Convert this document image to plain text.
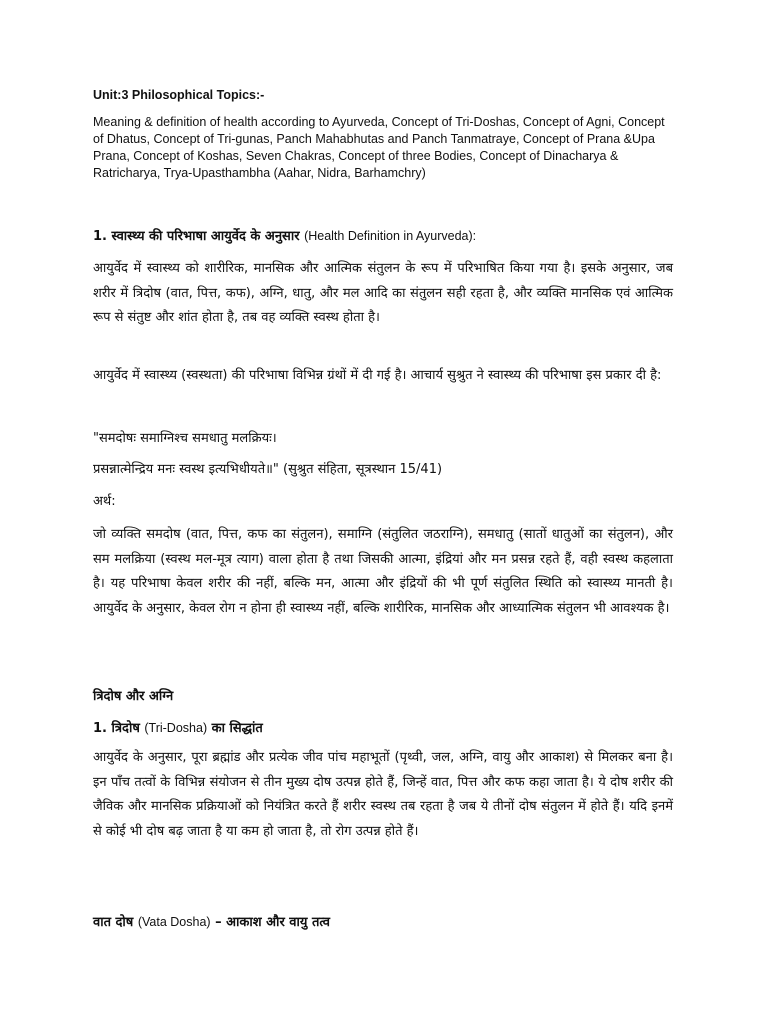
Unit:3 Philosophical Topics:-
Meaning & definition of health according to Ayurveda, Concept of Tri-Doshas, Concept of Agni, Concept of Dhatus, Concept of Tri-gunas, Panch Mahabhutas and Panch Tanmatraye, Concept of Prana &Upa Prana, Concept of Koshas, Seven Chakras, Concept of three Bodies, Concept of Dinacharya & Ratricharya, Trya-Upasthambha (Aahar, Nidra, Barhamchry)
1. स्वास्थ्य की परिभाषा आयुर्वेद के अनुसार (Health Definition in Ayurveda):
आयुर्वेद में स्वास्थ्य को शारीरिक, मानसिक और आत्मिक संतुलन के रूप में परिभाषित किया गया है। इसके अनुसार, जब शरीर में त्रिदोष (वात, पित्त, कफ), अग्नि, धातु, और मल आदि का संतुलन सही रहता है, और व्यक्ति मानसिक एवं आत्मिक रूप से संतुष्ट और शांत होता है, तब वह व्यक्ति स्वस्थ होता है।
आयुर्वेद में स्वास्थ्य (स्वस्थता) की परिभाषा विभिन्न ग्रंथों में दी गई है। आचार्य सुश्रुत ने स्वास्थ्य की परिभाषा इस प्रकार दी है:
"समदोषः समाग्निश्च समधातु मलक्रियः।
प्रसन्नात्मेन्द्रिय मनः स्वस्थ इत्यभिधीयते॥" (सुश्रुत संहिता, सूत्रस्थान 15/41)
अर्थ:
जो व्यक्ति समदोष (वात, पित्त, कफ का संतुलन), समाग्नि (संतुलित जठराग्नि), समधातु (सातों धातुओं का संतुलन), और सम मलक्रिया (स्वस्थ मल-मूत्र त्याग) वाला होता है तथा जिसकी आत्मा, इंद्रियां और मन प्रसन्न रहते हैं, वही स्वस्थ कहलाता है। यह परिभाषा केवल शरीर की नहीं, बल्कि मन, आत्मा और इंद्रियों की भी पूर्ण संतुलित स्थिति को स्वास्थ्य मानती है। आयुर्वेद के अनुसार, केवल रोग न होना ही स्वास्थ्य नहीं, बल्कि शारीरिक, मानसिक और आध्यात्मिक संतुलन भी आवश्यक है।
त्रिदोष और अग्नि
1. त्रिदोष (Tri-Dosha) का सिद्धांत
आयुर्वेद के अनुसार, पूरा ब्रह्मांड और प्रत्येक जीव पांच महाभूतों (पृथ्वी, जल, अग्नि, वायु और आकाश) से मिलकर बना है। इन पाँच तत्वों के विभिन्न संयोजन से तीन मुख्य दोष उत्पन्न होते हैं, जिन्हें वात, पित्त और कफ कहा जाता है। ये दोष शरीर की जैविक और मानसिक प्रक्रियाओं को नियंत्रित करते हैं शरीर स्वस्थ तब रहता है जब ये तीनों दोष संतुलन में होते हैं। यदि इनमें से कोई भी दोष बढ़ जाता है या कम हो जाता है, तो रोग उत्पन्न होते हैं।
वात दोष (Vata Dosha) – आकाश और वायु तत्व
